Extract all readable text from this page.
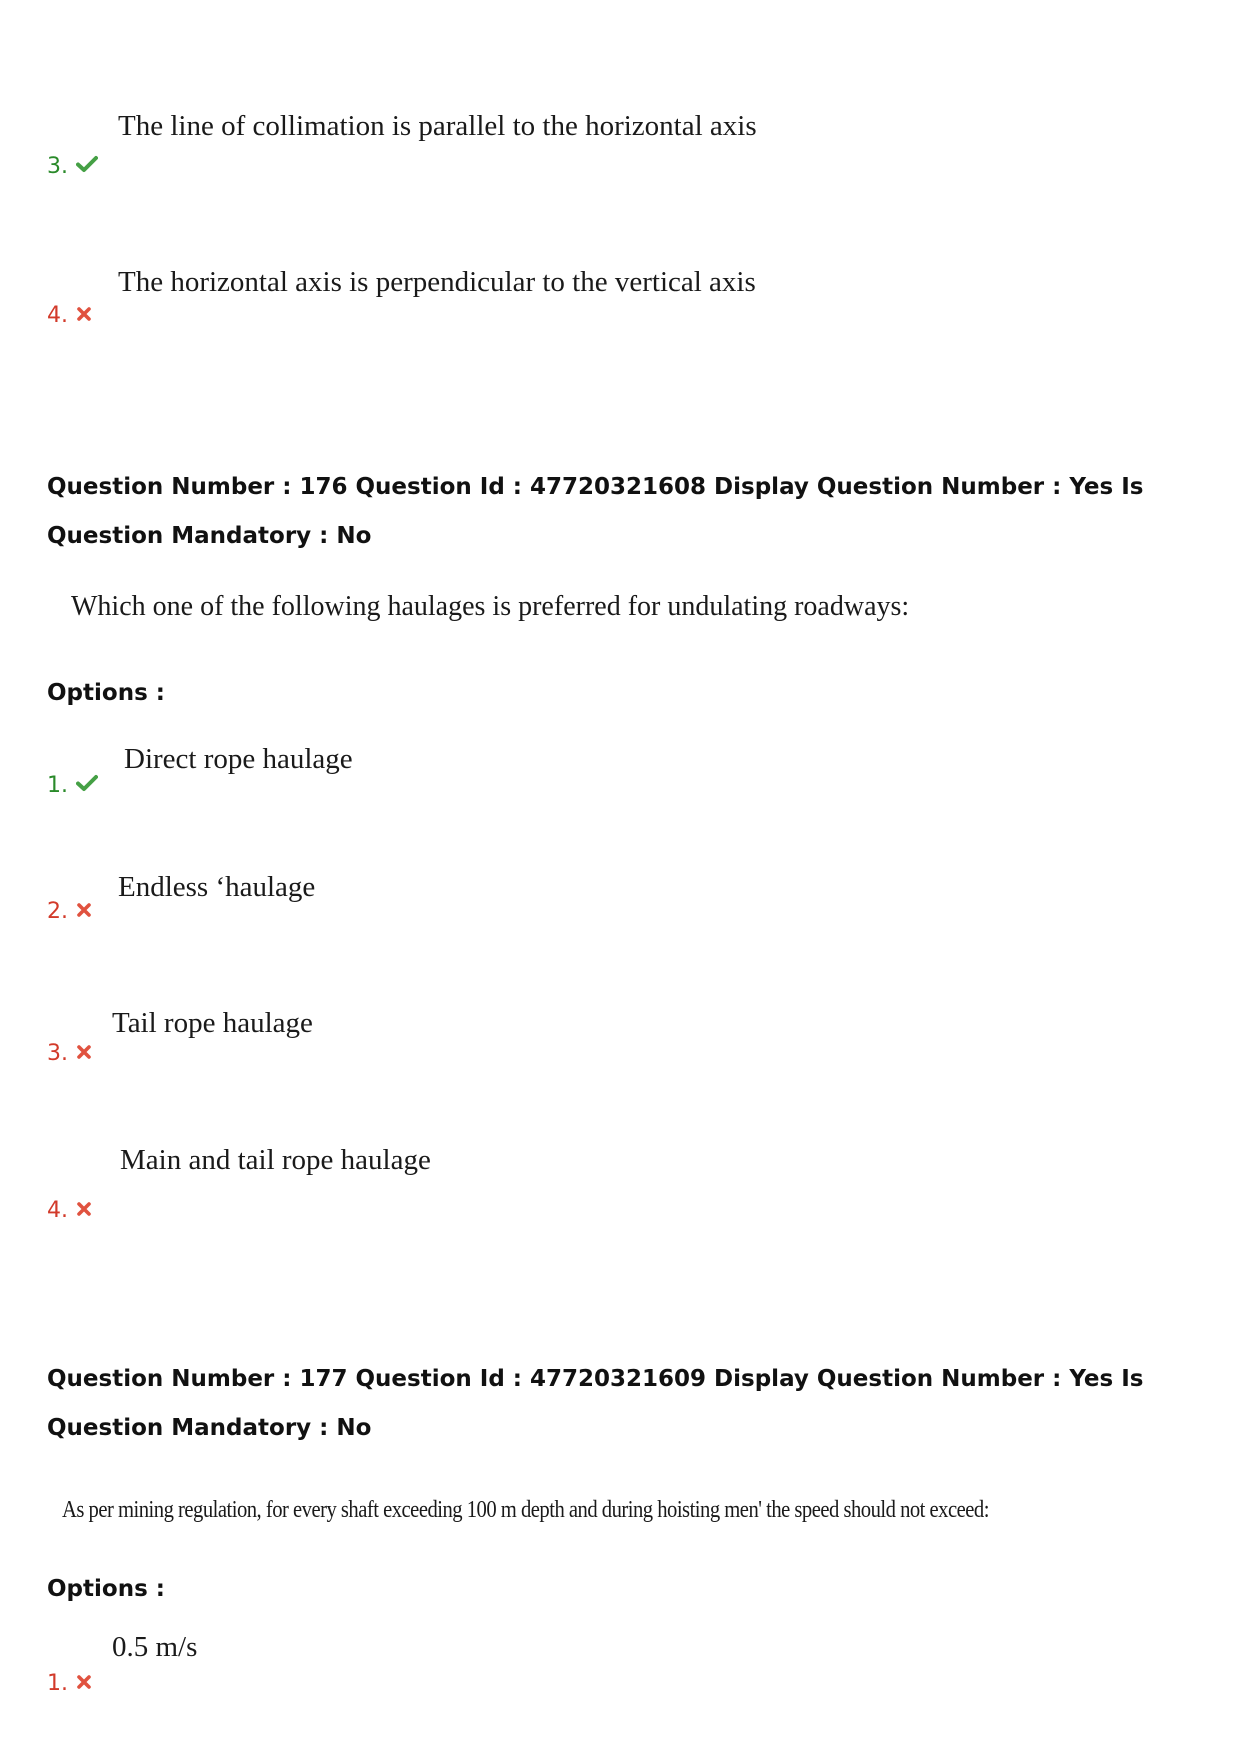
The line of collimation is parallel to the horizontal axis
3.
The horizontal axis is perpendicular to the vertical axis
4.
Question Number : 176 Question Id : 47720321608 Display Question Number : Yes Is Question Mandatory : No
Which one of the following haulages is preferred for undulating roadways:
Options :
Direct rope haulage
1.
Endless ‘haulage
2.
Tail rope haulage
3.
Main and tail rope haulage
4.
Question Number : 177 Question Id : 47720321609 Display Question Number : Yes Is Question Mandatory : No
As per mining regulation, for every shaft exceeding 100 m depth and during hoisting men' the speed should not exceed:
Options :
0.5 m/s
1.
